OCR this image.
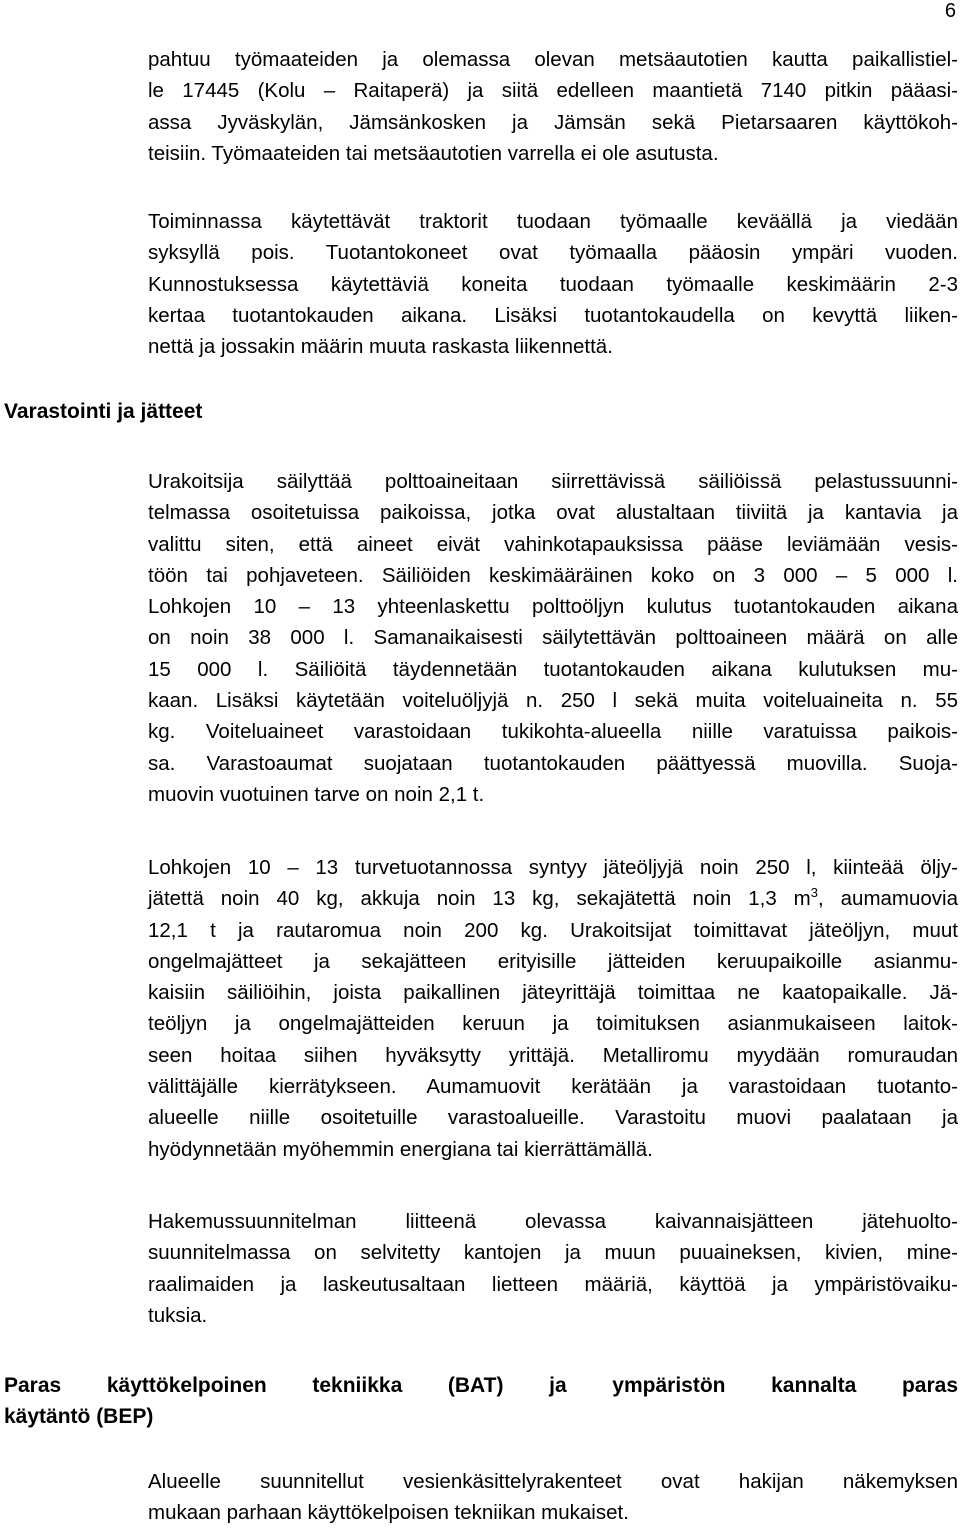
6

pahtuu työmaateiden ja olemassa olevan metsäautotien kautta paikallistiel-
le 17445 (Kolu – Raitaperä) ja siitä edelleen maantietä 7140 pitkin pääasi-
assa Jyväskylän, Jämsänkosken ja Jämsän sekä Pietarsaaren käyttökoh-
teisiin. Työmaateiden tai metsäautotien varrella ei ole asutusta.

Toiminnassa käytettävät traktorit tuodaan työmaalle keväällä ja viedään
syksyllä pois. Tuotantokoneet ovat työmaalla pääosin ympäri vuoden.
Kunnostuksessa käytettäviä koneita tuodaan työmaalle keskimäärin 2-3
kertaa tuotantokauden aikana. Lisäksi tuotantokaudella on kevyttä liiken-
nettä ja jossakin määrin muuta raskasta liikennettä.

Varastointi ja jätteet

Urakoitsija säilyttää polttoaineitaan siirrettävissä säiliöissä pelastussuunni-
telmassa osoitetuissa paikoissa, jotka ovat alustaltaan tiiviitä ja kantavia ja
valittu siten, että aineet eivät vahinkotapauksissa pääse leviämään vesis-
töön tai pohjaveteen. Säiliöiden keskimääräinen koko on 3 000 – 5 000 l.
Lohkojen 10 – 13 yhteenlaskettu polttoöljyn kulutus tuotantokauden aikana
on noin 38 000 l. Samanaikaisesti säilytettävän polttoaineen määrä on alle
15 000 l. Säiliöitä täydennetään tuotantokauden aikana kulutuksen mu-
kaan. Lisäksi käytetään voiteluöljyjä n. 250 l sekä muita voiteluaineita n. 55
kg. Voiteluaineet varastoidaan tukikohta-alueella niille varatuissa paikois-
sa. Varastoaumat suojataan tuotantokauden päättyessä muovilla. Suoja-
muovin vuotuinen tarve on noin 2,1 t.

Lohkojen 10 – 13 turvetuotannossa syntyy jäteöljyjä noin 250 l, kiinteää öljy-
jätettä noin 40 kg, akkuja noin 13 kg, sekajätettä noin 1,3 $m^3$, aumamuovia
12,1 t ja rautaromua noin 200 kg. Urakoitsijat toimittavat jäteöljyn, muut
ongelmajätteet ja sekajätteen erityisille jätteiden keruupaikoille asianmu-
kaisiin säiliöihin, joista paikallinen jäteyrittäjä toimittaa ne kaatopaikalle. Jä-
teöljyn ja ongelmajätteiden keruun ja toimituksen asianmukaiseen laitok-
seen hoitaa siihen hyväksytty yrittäjä. Metalliromu myydään romuraudan
välittäjälle kierrätykseen. Aumamuovit kerätään ja varastoidaan tuotanto-
alueelle niille osoitetuille varastoalueille. Varastoitu muovi paalataan ja
hyödynnetään myöhemmin energiana tai kierrättämällä.

Hakemussuunnitelman liitteenä olevassa kaivannaisjätteen jätehuolto-
suunnitelmassa on selvitetty kantojen ja muun puuaineksen, kivien, mine-
raalimaiden ja laskeutusaltaan lietteen määriä, käyttöä ja ympäristövaiku-
tuksia.

Paras käyttökelpoinen tekniikka (BAT) ja ympäristön kannalta paras
käytäntö (BEP)

Alueelle suunnitellut vesienkäsittelyrakenteet ovat hakijan näkemyksen
mukaan parhaan käyttökelpoisen tekniikan mukaiset.
